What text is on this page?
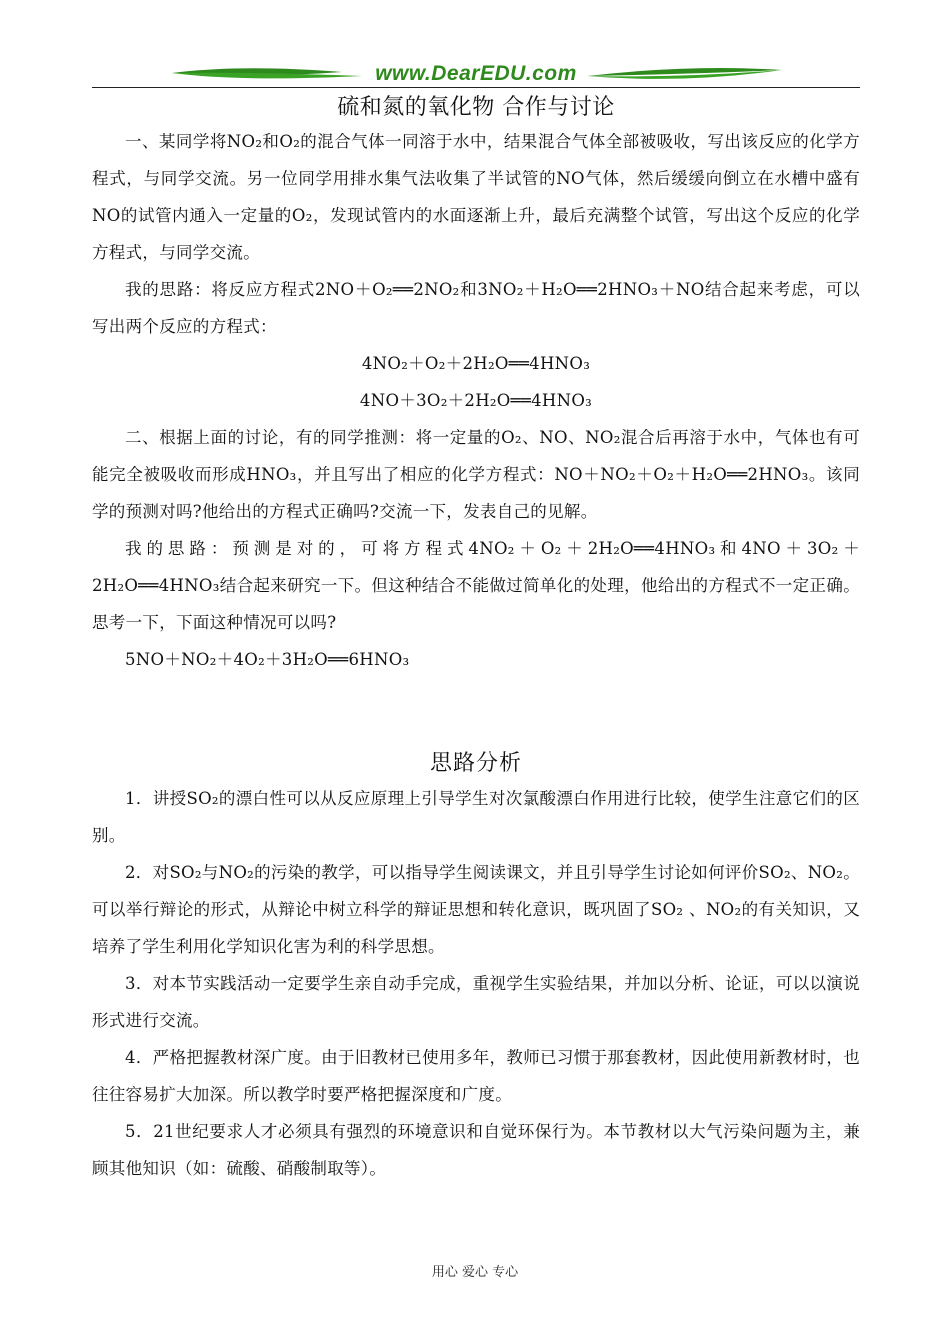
www.DearEDU.com
硫和氮的氧化物 合作与讨论

一、某同学将NO₂和O₂的混合气体一同溶于水中，结果混合气体全部被吸收，写出该反应的化学方程式，与同学交流。另一位同学用排水集气法收集了半试管的NO气体，然后缓缓向倒立在水槽中盛有NO的试管内通入一定量的O₂，发现试管内的水面逐渐上升，最后充满整个试管，写出这个反应的化学方程式，与同学交流。

我的思路：将反应方程式2NO＋O₂══2NO₂和3NO₂＋H₂O══2HNO₃＋NO结合起来考虑，可以写出两个反应的方程式：

4NO₂＋O₂＋2H₂O══4HNO₃

4NO＋3O₂＋2H₂O══4HNO₃

二、根据上面的讨论，有的同学推测：将一定量的O₂、NO、NO₂混合后再溶于水中，气体也有可能完全被吸收而形成HNO₃，并且写出了相应的化学方程式：NO＋NO₂＋O₂＋H₂O══2HNO₃。该同学的预测对吗?他给出的方程式正确吗?交流一下，发表自己的见解。

我的思路：预测是对的，可将方程式4NO₂＋O₂＋2H₂O══4HNO₃和4NO＋3O₂＋2H₂O══4HNO₃结合起来研究一下。但这种结合不能做过简单化的处理，他给出的方程式不一定正确。思考一下，下面这种情况可以吗?

5NO＋NO₂＋4O₂＋3H₂O══6HNO₃

思路分析

1．讲授SO₂的漂白性可以从反应原理上引导学生对次氯酸漂白作用进行比较，使学生注意它们的区别。

2．对SO₂与NO₂的污染的教学，可以指导学生阅读课文，并且引导学生讨论如何评价SO₂、NO₂。可以举行辩论的形式，从辩论中树立科学的辩证思想和转化意识，既巩固了SO₂ 、NO₂的有关知识，又培养了学生利用化学知识化害为利的科学思想。

3．对本节实践活动一定要学生亲自动手完成，重视学生实验结果，并加以分析、论证，可以以演说形式进行交流。

4．严格把握教材深广度。由于旧教材已使用多年，教师已习惯于那套教材，因此使用新教材时，也往往容易扩大加深。所以教学时要严格把握深度和广度。

5．21世纪要求人才必须具有强烈的环境意识和自觉环保行为。本节教材以大气污染问题为主，兼顾其他知识（如：硫酸、硝酸制取等）。

用心 爱心 专心
